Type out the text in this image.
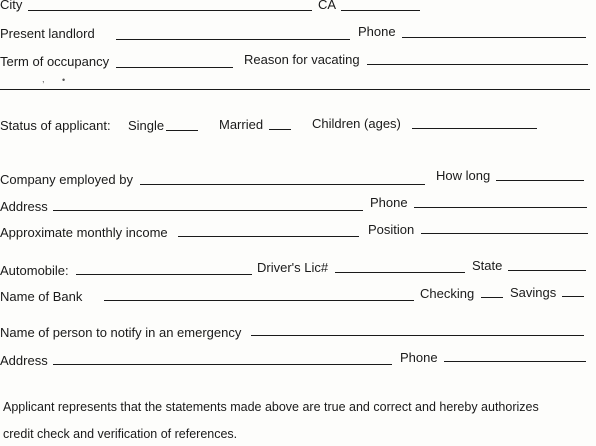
City	CA
Present landlord	Phone
Term of occupancy	Reason for vacating
, •
Status of applicant: Single	Married	Children (ages)
Company employed by	How long
Address	Phone
Approximate monthly income	Position
Automobile:	Driver's Lic#	State
Name of Bank	Checking	Savings
Name of person to notify in an emergency
Address	Phone
Applicant represents that the statements made above are true and correct and hereby authorizes
credit check and verification of references.
